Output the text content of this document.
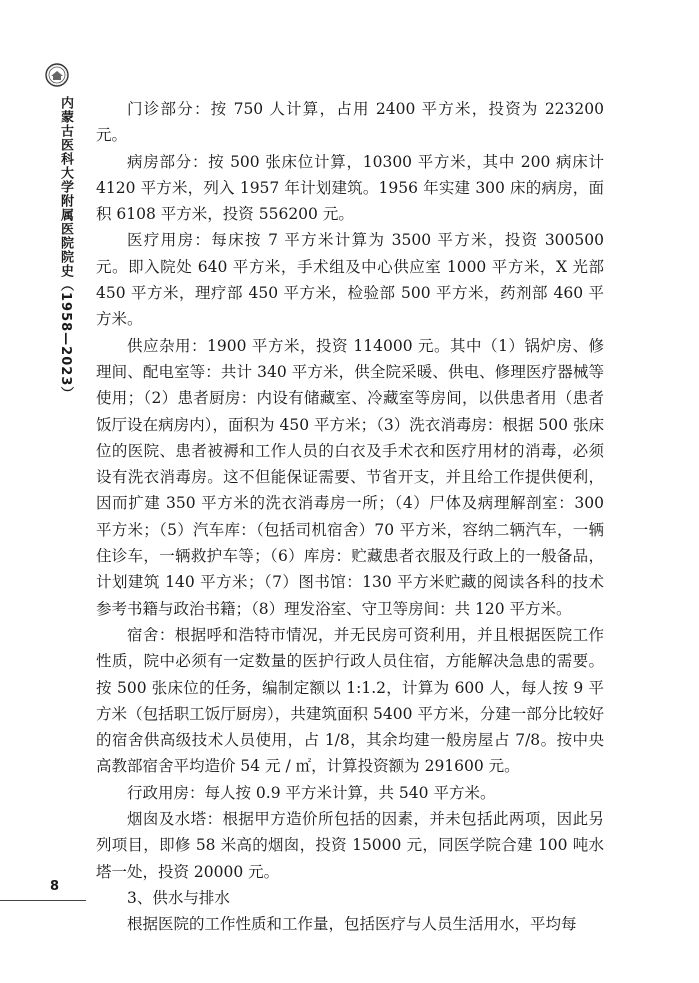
内蒙古医科大学附属医院院史（1958—2023）	门诊部分：按 750 人计算，占用 2400 平方米，投资为 223200 元。

病房部分：按 500 张床位计算，10300 平方米，其中 200 病床计 4120 平方米，列入 1957 年计划建筑。1956 年实建 300 床的病房，面积 6108 平方米，投资 556200 元。

医疗用房：每床按 7 平方米计算为 3500 平方米，投资 300500 元。即入院处 640 平方米，手术组及中心供应室 1000 平方米，X 光部 450 平方米，理疗部 450 平方米，检验部 500 平方米，药剂部 460 平方米。

供应杂用：1900 平方米，投资 114000 元。其中（1）锅炉房、修理间、配电室等：共计 340 平方米，供全院采暖、供电、修理医疗器械等使用；（2）患者厨房：内设有储藏室、冷藏室等房间，以供患者用（患者饭厅设在病房内），面积为 450 平方米；（3）洗衣消毒房：根据 500 张床位的医院、患者被褥和工作人员的白衣及手术衣和医疗用材的消毒，必须设有洗衣消毒房。这不但能保证需要、节省开支，并且给工作提供便利，因而扩建 350 平方米的洗衣消毒房一所；（4）尸体及病理解剖室：300 平方米；（5）汽车库：（包括司机宿舍）70 平方米，容纳二辆汽车，一辆住诊车，一辆救护车等；（6）库房：贮藏患者衣服及行政上的一般备品，计划建筑 140 平方米；（7）图书馆：130 平方米贮藏的阅读各科的技术参考书籍与政治书籍；（8）理发浴室、守卫等房间：共 120 平方米。

宿舍：根据呼和浩特市情况，并无民房可资利用，并且根据医院工作性质，院中必须有一定数量的医护行政人员住宿，方能解决急患的需要。按 500 张床位的任务，编制定额以 1:1.2，计算为 600 人，每人按 9 平方米（包括职工饭厅厨房），共建筑面积 5400 平方米，分建一部分比较好的宿舍供高级技术人员使用，占 1/8，其余均建一般房屋占 7/8。按中央高教部宿舍平均造价 54 元 / ㎡，计算投资额为 291600 元。

行政用房：每人按 0.9 平方米计算，共 540 平方米。

烟囱及水塔：根据甲方造价所包括的因素，并未包括此两项，因此另列项目，即修 58 米高的烟囱，投资 15000 元，同医学院合建 100 吨水塔一处，投资 20000 元。

3、供水与排水

根据医院的工作性质和工作量，包括医疗与人员生活用水，平均每

8
